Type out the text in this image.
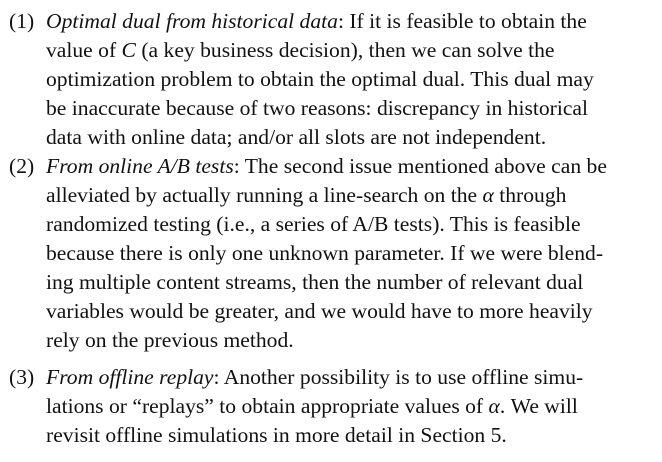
(1) Optimal dual from historical data: If it is feasible to obtain the
value of C (a key business decision), then we can solve the
optimization problem to obtain the optimal dual. This dual may
be inaccurate because of two reasons: discrepancy in historical
data with online data; and/or all slots are not independent.
(2) From online A/B tests: The second issue mentioned above can be
alleviated by actually running a line-search on the α through
randomized testing (i.e., a series of A/B tests). This is feasible
because there is only one unknown parameter. If we were blend-
ing multiple content streams, then the number of relevant dual
variables would be greater, and we would have to more heavily
rely on the previous method.
(3) From offline replay: Another possibility is to use offline simu-
lations or “replays” to obtain appropriate values of α. We will
revisit offline simulations in more detail in Section 5.
